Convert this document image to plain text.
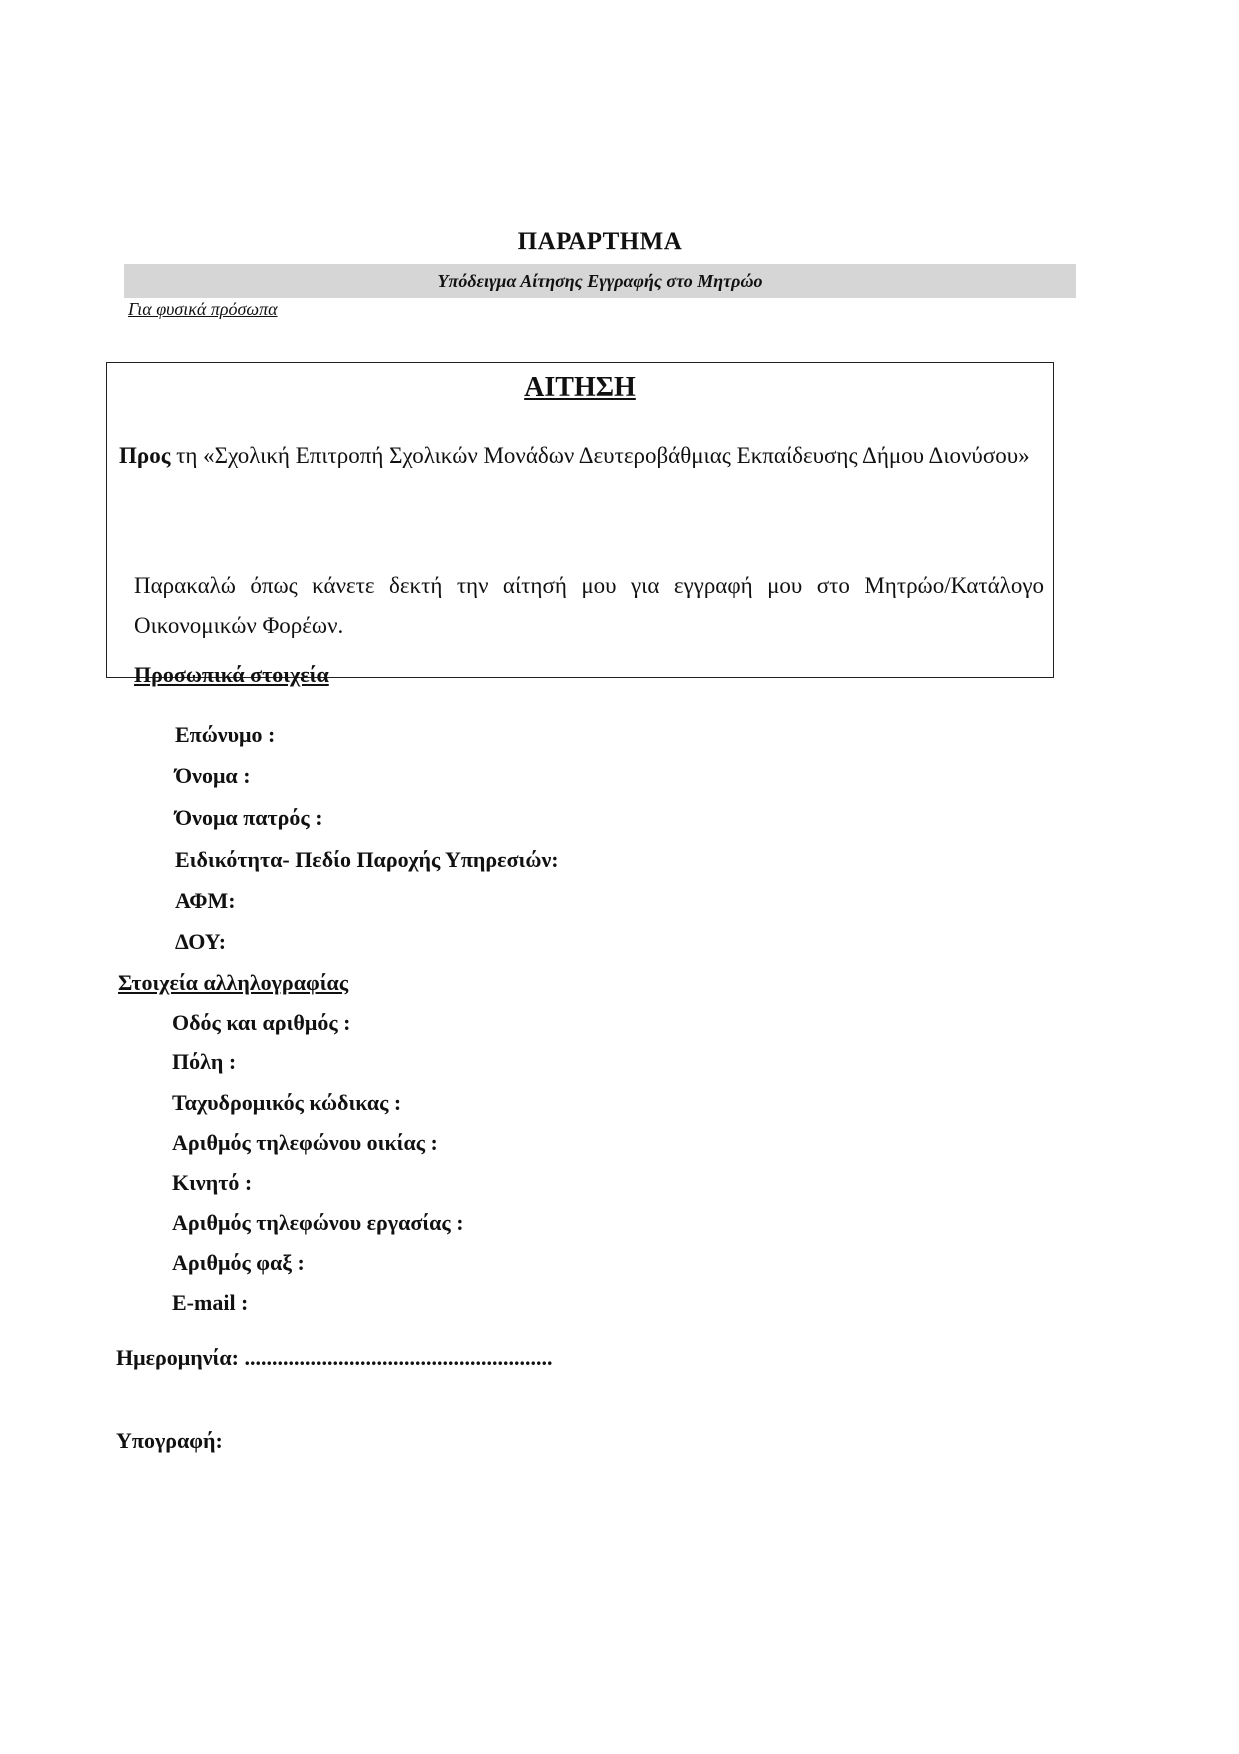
ΠΑΡΑΡΤΗΜΑ
Υπόδειγμα Αίτησης Εγγραφής στο Μητρώο
Για φυσικά πρόσωπα
ΑΙΤΗΣΗ
Προς τη «Σχολική Επιτροπή Σχολικών Μονάδων Δευτεροβάθμιας Εκπαίδευσης Δήμου Διονύσου»
Παρακαλώ όπως κάνετε δεκτή την αίτησή μου για εγγραφή μου στο Μητρώο/Κατάλογο Οικονομικών Φορέων.
Προσωπικά στοιχεία
Επώνυμο :
Όνομα :
Όνομα πατρός :
Ειδικότητα- Πεδίο Παροχής Υπηρεσιών:
ΑΦΜ:
ΔΟΥ:
Στοιχεία αλληλογραφίας
Οδός και αριθμός :
Πόλη :
Ταχυδρομικός κώδικας :
Αριθμός τηλεφώνου οικίας :
Κινητό :
Αριθμός τηλεφώνου εργασίας :
Αριθμός φαξ :
E-mail :
Ημερομηνία: ........................................................
Υπογραφή:
